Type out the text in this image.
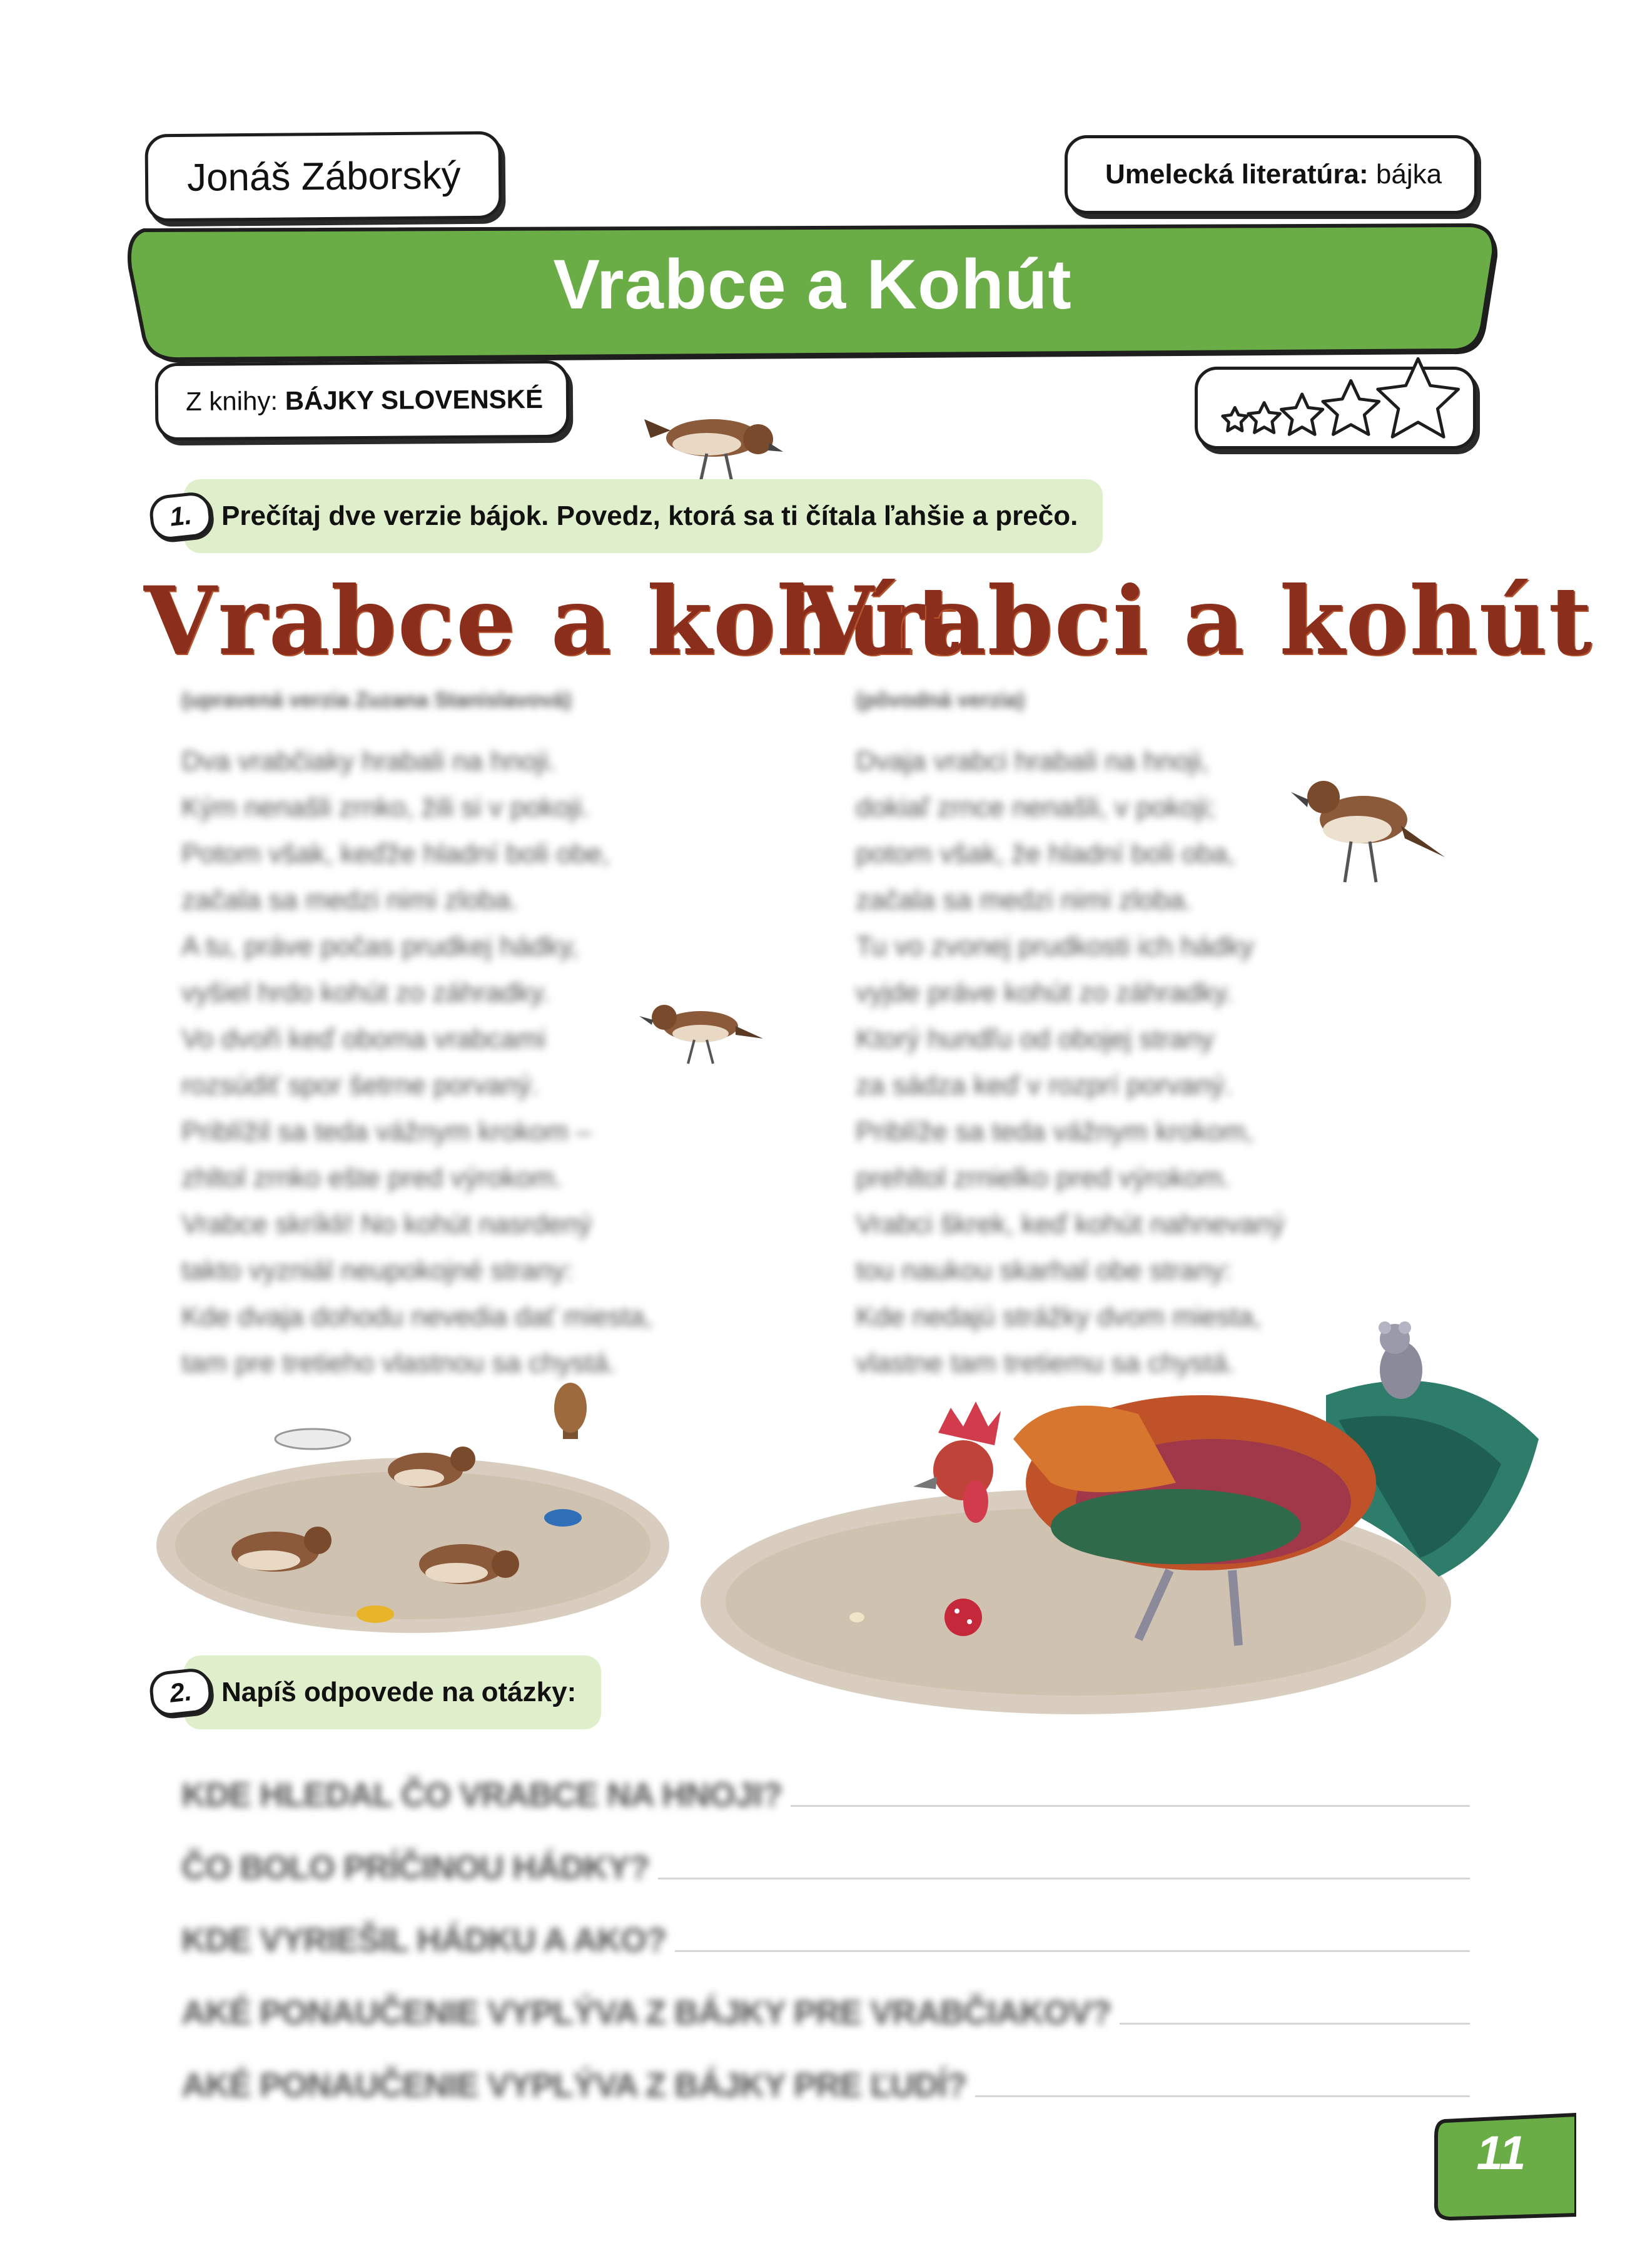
Vrabce a Kohút
Jonáš Záborský	Umelecká literatúra:
bájka
Z knihy:
BÁJKY SLOVENSKÉ
1.	Prečítaj dve verzie bájok. Povedz, ktorá sa ti čítala ľahšie a prečo.
Vrabce a kohút
Vrabci a kohút
(upravená verzia Zuzana Stanislavová)	(pôvodná verzia)
Dva vrabčiaky hrabali na hnoji.
Kým nenašli zrnko, žili si v pokoji.
Potom však, keďže hladní boli obe,
začala sa medzi nimi zloba.
A tu, práve počas prudkej hádky,
vyšiel hrdo kohút zo záhradky.
Vo dvoři keď oboma vrabcami
rozsúdiť spor šetrne porvaný.
Priblížil sa teda vážnym krokom –
zhltol zrnko ešte pred výrokom.
Vrabce skríkli! No kohút nasrdený
takto vyzniál neupokojné strany:
Kde dvaja dohodu nevedia dať miesta,
tam pre tretieho vlastnou sa chystá.
Dvaja vrabci hrabali na hnoji,
dokiaľ zrnce nenašli, v pokoji;
potom však, že hladní boli oba,
začala sa medzi nimi zloba.
Tu vo zvonej prudkosti ich hádky
vyjde práve kohút zo záhradky.
Ktorý hundľu od obojej strany
za sádza keď v rozprí porvaný.
Priblíže sa teda vážnym krokom,
prehltol zrnielko pred výrokom.
Vrabci škrek, keď kohút nahnevaný
tou naukou skarhal obe strany:
Kde nedajú strážky dvom miesta,
vlastne tam tretiemu sa chystá.
2.	Napíš odpovede na otázky:
KDE HLEDAL ČO VRABCE NA HNOJI?
ČO BOLO PRÍČINOU HÁDKY?
KDE VYRIEŠIL HÁDKU A AKO?
AKÉ PONAUČENIE VYPLÝVA Z BÁJKY PRE VRABČIAKOV?
AKÉ PONAUČENIE VYPLÝVA Z BÁJKY PRE ĽUDÍ?
11
